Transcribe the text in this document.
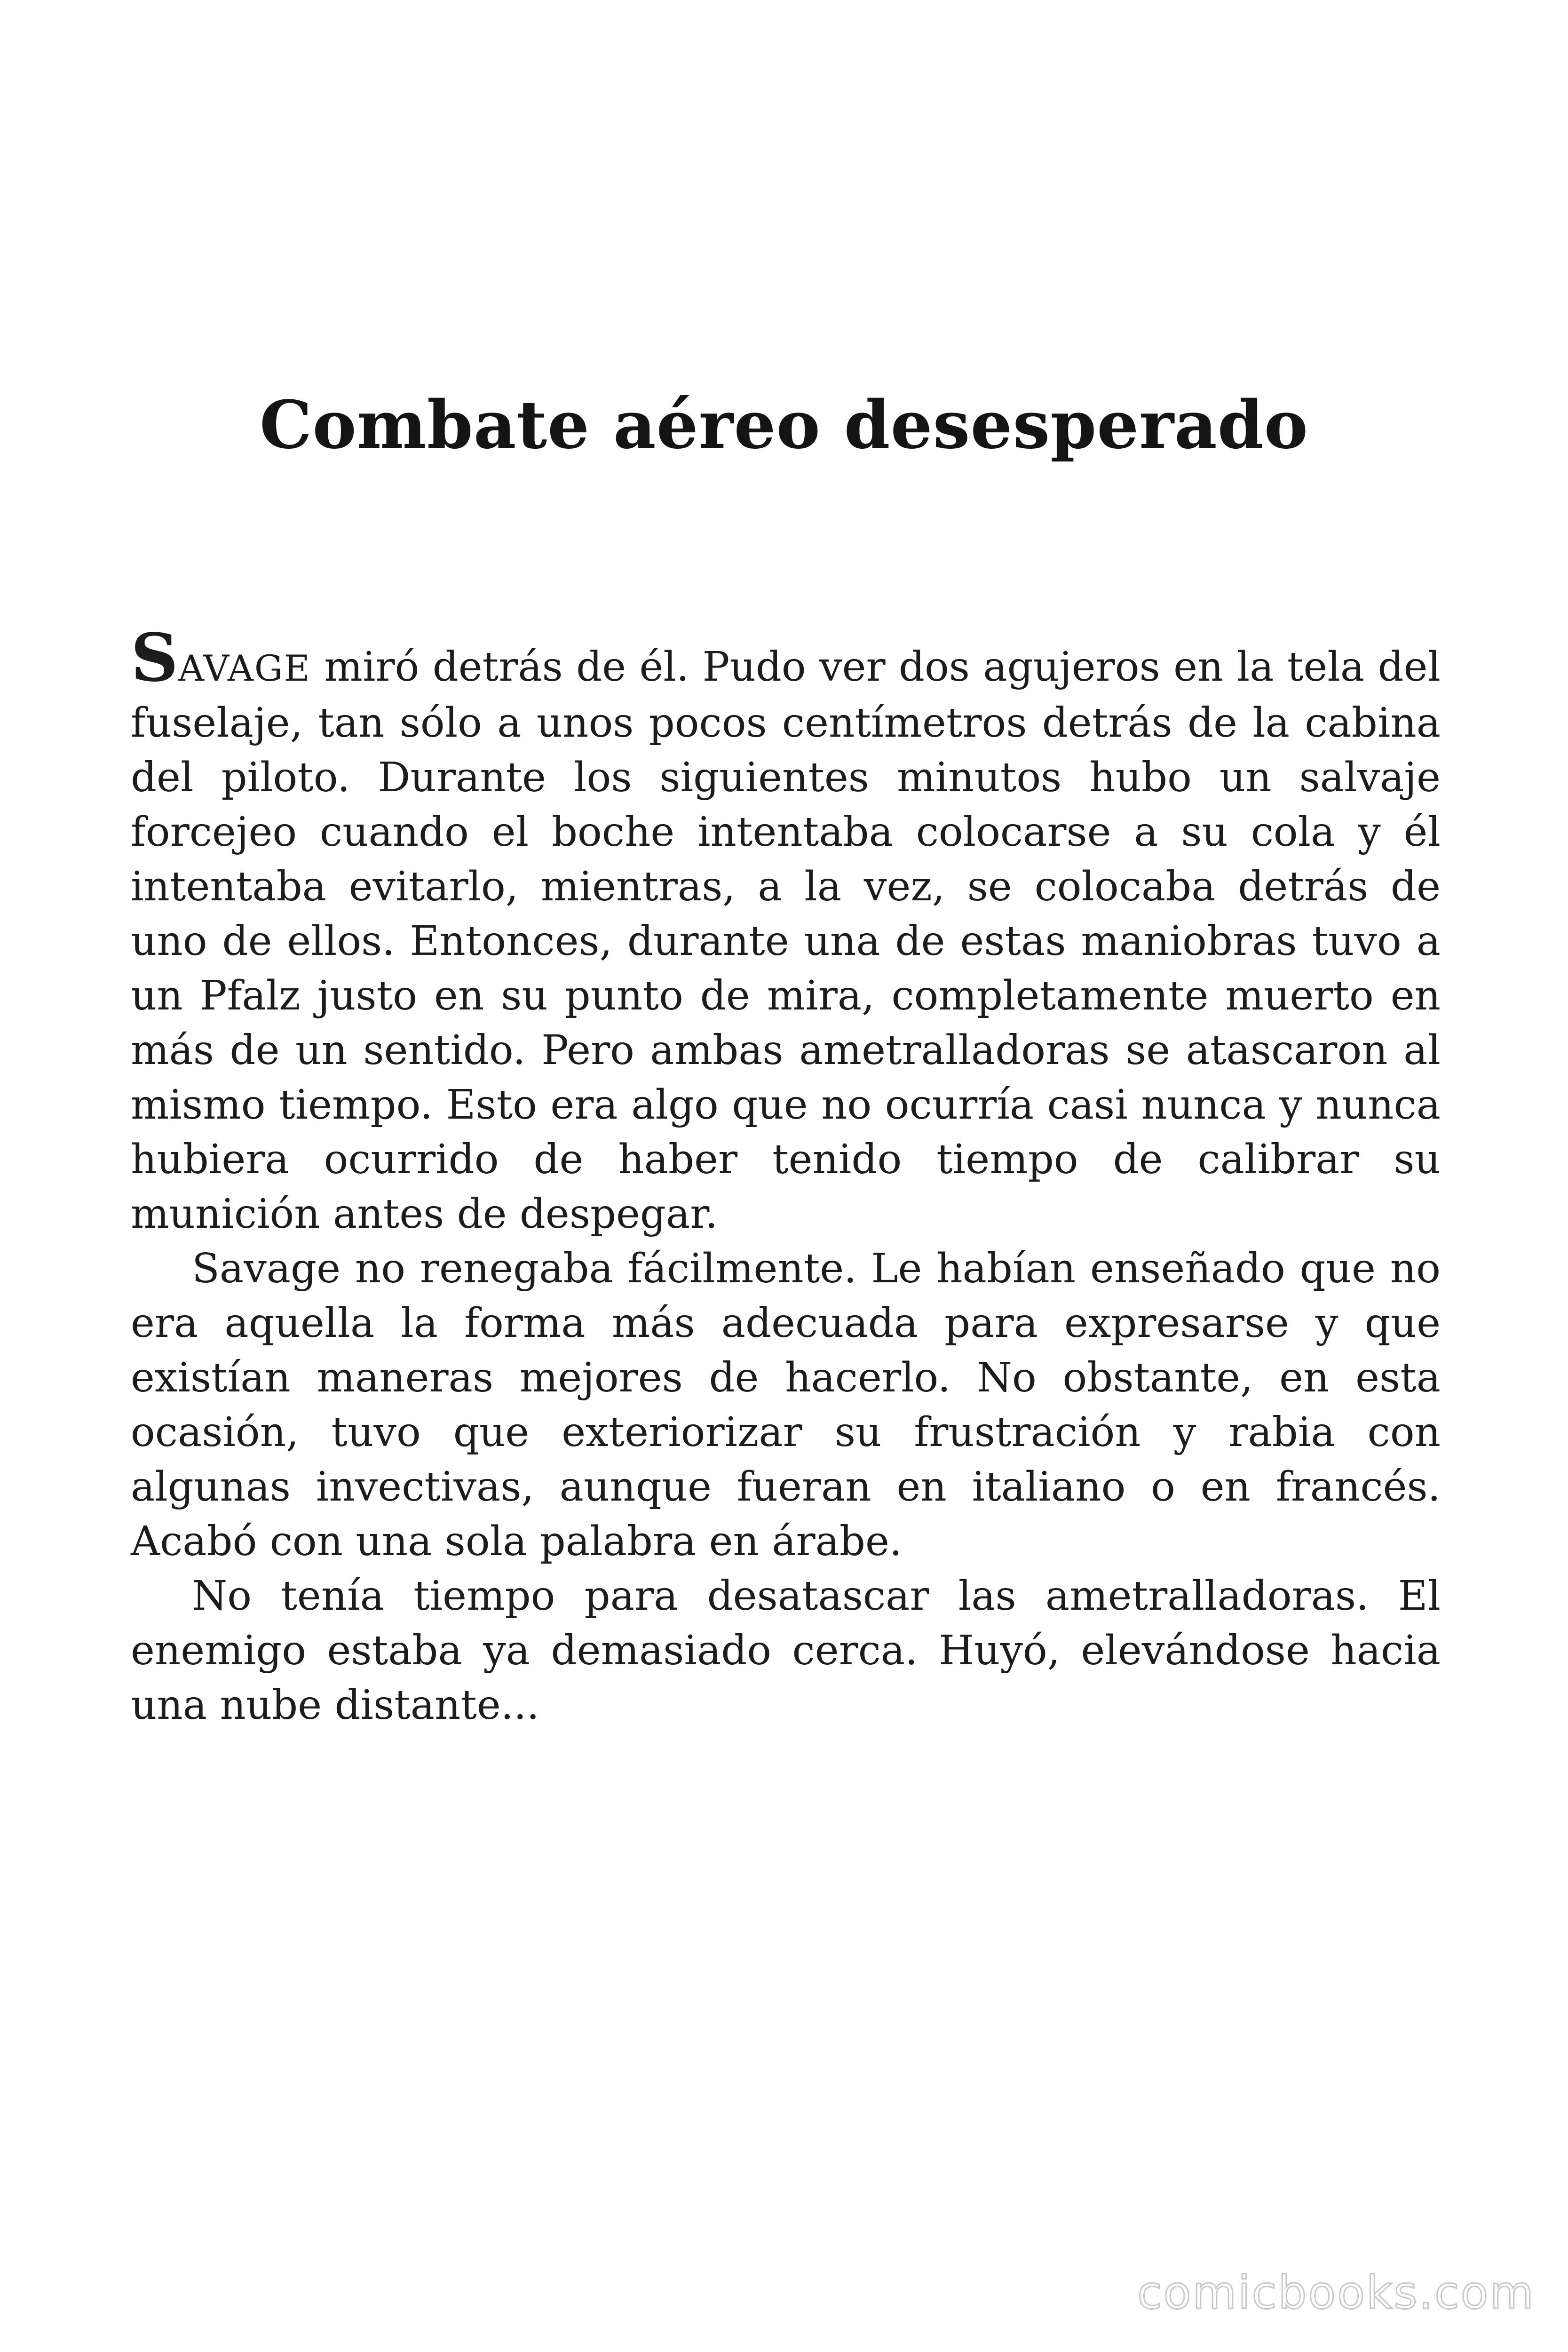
Combate aéreo desesperado

SAVAGE miró detrás de él. Pudo ver dos agujeros en la tela del fuselaje, tan sólo a unos pocos centímetros detrás de la cabina del piloto. Durante los siguientes minutos hubo un salvaje forcejeo cuando el boche intentaba colocarse a su cola y él intentaba evitarlo, mientras, a la vez, se colocaba detrás de uno de ellos. Entonces, durante una de estas maniobras tuvo a un Pfalz justo en su punto de mira, completamente muerto en más de un sentido. Pero ambas ametralladoras se atascaron al mismo tiempo. Esto era algo que no ocurría casi nunca y nunca hubiera ocurrido de haber tenido tiempo de calibrar su munición antes de despegar.

Savage no renegaba fácilmente. Le habían enseñado que no era aquella la forma más adecuada para expresarse y que existían maneras mejores de hacerlo. No obstante, en esta ocasión, tuvo que exteriorizar su frustración y rabia con algunas invectivas, aunque fueran en italiano o en francés. Acabó con una sola palabra en árabe.

No tenía tiempo para desatascar las ametralladoras. El enemigo estaba ya demasiado cerca. Huyó, elevándose hacia una nube distante...

comicbooks.com
